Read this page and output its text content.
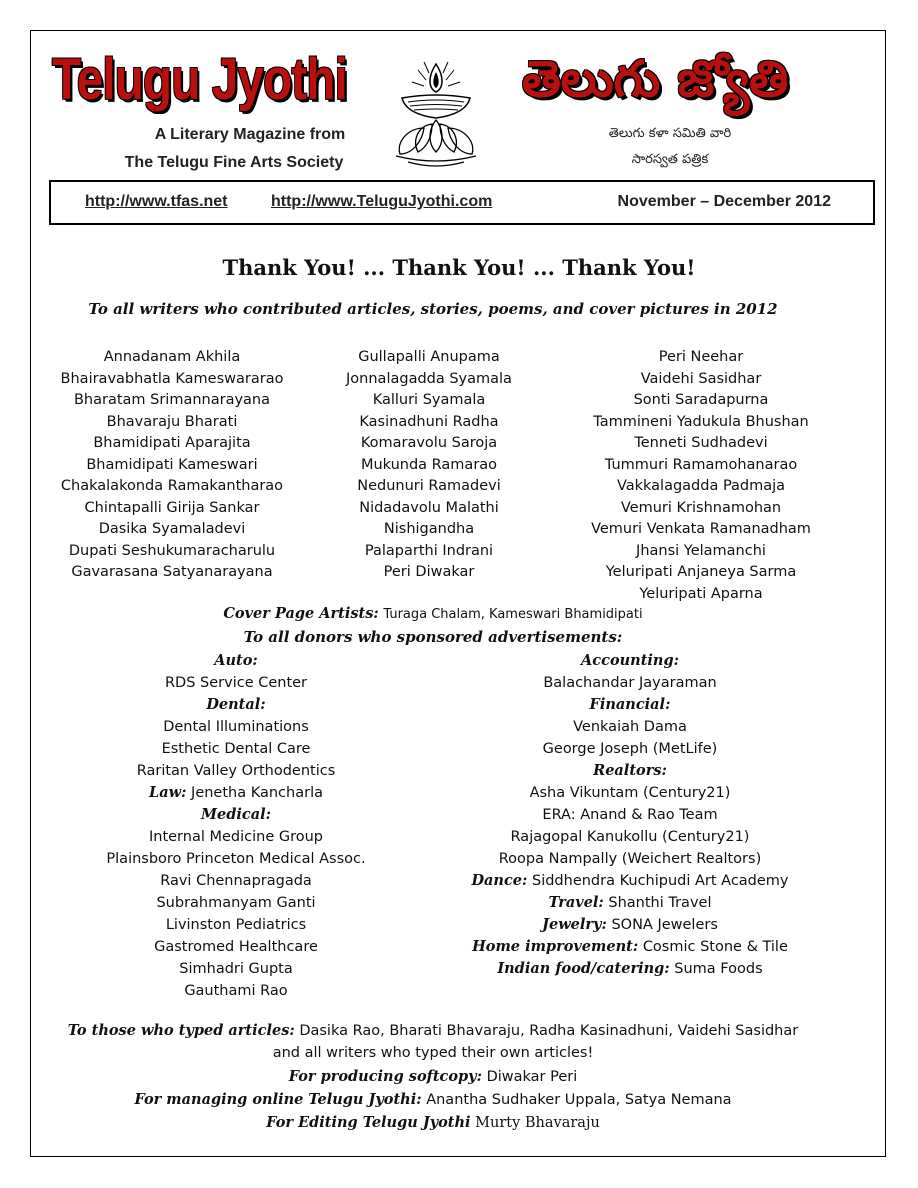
Telugu Jyothi	తెలుగు జ్యోతి
A Literary Magazine from
The Telugu Fine Arts Society
తెలుగు కళా సమితి వారి
సారస్వత పత్రిక
http://www.tfas.net	http://www.TeluguJyothi.com	November – December 2012
Thank You! ... Thank You! ... Thank You!
To all writers who contributed articles, stories, poems, and cover pictures in 2012
Annadanam Akhila
Bhairavabhatla Kameswararao
Bharatam Srimannarayana
Bhavaraju Bharati
Bhamidipati Aparajita
Bhamidipati Kameswari
Chakalakonda Ramakantharao
Chintapalli Girija Sankar
Dasika Syamaladevi
Dupati Seshukumaracharulu
Gavarasana Satyanarayana
Gullapalli Anupama
Jonnalagadda Syamala
Kalluri Syamala
Kasinadhuni Radha
Komaravolu Saroja
Mukunda Ramarao
Nedunuri Ramadevi
Nidadavolu Malathi
Nishigandha
Palaparthi Indrani
Peri Diwakar
Peri Neehar
Vaidehi Sasidhar
Sonti Saradapurna
Tammineni Yadukula Bhushan
Tenneti Sudhadevi
Tummuri Ramamohanarao
Vakkalagadda Padmaja
Vemuri Krishnamohan
Vemuri Venkata Ramanadham
Jhansi Yelamanchi
Yeluripati Anjaneya Sarma
Yeluripati Aparna
Cover Page Artists: Turaga Chalam, Kameswari Bhamidipati
To all donors who sponsored advertisements:
Auto:
RDS Service Center
Dental:
Dental Illuminations
Esthetic Dental Care
Raritan Valley Orthodentics
Law: Jenetha Kancharla
Medical:
Internal Medicine Group
Plainsboro Princeton Medical Assoc.
Ravi Chennapragada
Subrahmanyam Ganti
Livinston Pediatrics
Gastromed Healthcare
Simhadri Gupta
Gauthami Rao
Accounting:
Balachandar Jayaraman
Financial:
Venkaiah Dama
George Joseph (MetLife)
Realtors:
Asha Vikuntam (Century21)
ERA: Anand & Rao Team
Rajagopal Kanukollu (Century21)
Roopa Nampally (Weichert Realtors)
Dance: Siddhendra Kuchipudi Art Academy
Travel: Shanthi Travel
Jewelry: SONA Jewelers
Home improvement: Cosmic Stone & Tile
Indian food/catering: Suma Foods
To those who typed articles: Dasika Rao, Bharati Bhavaraju, Radha Kasinadhuni, Vaidehi Sasidhar
and all writers who typed their own articles!
For producing softcopy: Diwakar Peri
For managing online Telugu Jyothi: Anantha Sudhaker Uppala, Satya Nemana
For Editing Telugu Jyothi Murty Bhavaraju
